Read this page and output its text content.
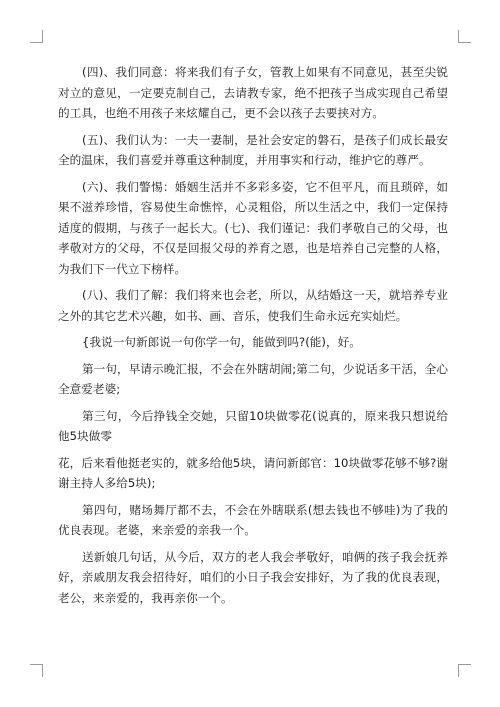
(四)、我们同意：将来我们有子女，管教上如果有不同意见，甚至尖锐对立的意见，一定要克制自己，去请教专家，绝不把孩子当成实现自己希望的工具，也绝不用孩子来炫耀自己，更不会以孩子去要挟对方。

(五)、我们认为：一夫一妻制，是社会安定的磐石，是孩子们成长最安全的温床，我们喜爱并尊重这种制度，并用事实和行动，维护它的尊严。

(六)、我们警惕：婚姻生活并不多彩多姿，它不但平凡，而且琐碎，如果不滋养珍惜，容易使生命憔悴，心灵粗俗，所以生活之中，我们一定保持适度的假期，与孩子一起长大。(七)、我们谨记：我们孝敬自己的父母，也孝敬对方的父母，不仅是回报父母的养育之恩，也是培养自己完整的人格，为我们下一代立下榜样。

(八)、我们了解：我们将来也会老，所以，从结婚这一天，就培养专业之外的其它艺术兴趣，如书、画、音乐，使我们生命永远充实灿烂。

{我说一句新郎说一句你学一句，能做到吗?(能)，好。

第一句，早请示晚汇报，不会在外瞎胡闹;第二句，少说话多干活，全心全意爱老婆;

第三句，今后挣钱全交她，只留10块做零花(说真的，原来我只想说给他5块做零

花，后来看他挺老实的，就多给他5块，请问新郎官：10块做零花够不够?谢谢主持人多给5块);

第四句，赌场舞厅都不去，不会在外瞎联系(想去钱也不够哇)为了我的优良表现。老婆，来亲爱的亲我一个。

送新娘几句话，从今后，双方的老人我会孝敬好，咱俩的孩子我会抚养好，亲戚朋友我会招待好，咱们的小日子我会安排好，为了我的优良表现，老公，来亲爱的，我再亲你一个。
